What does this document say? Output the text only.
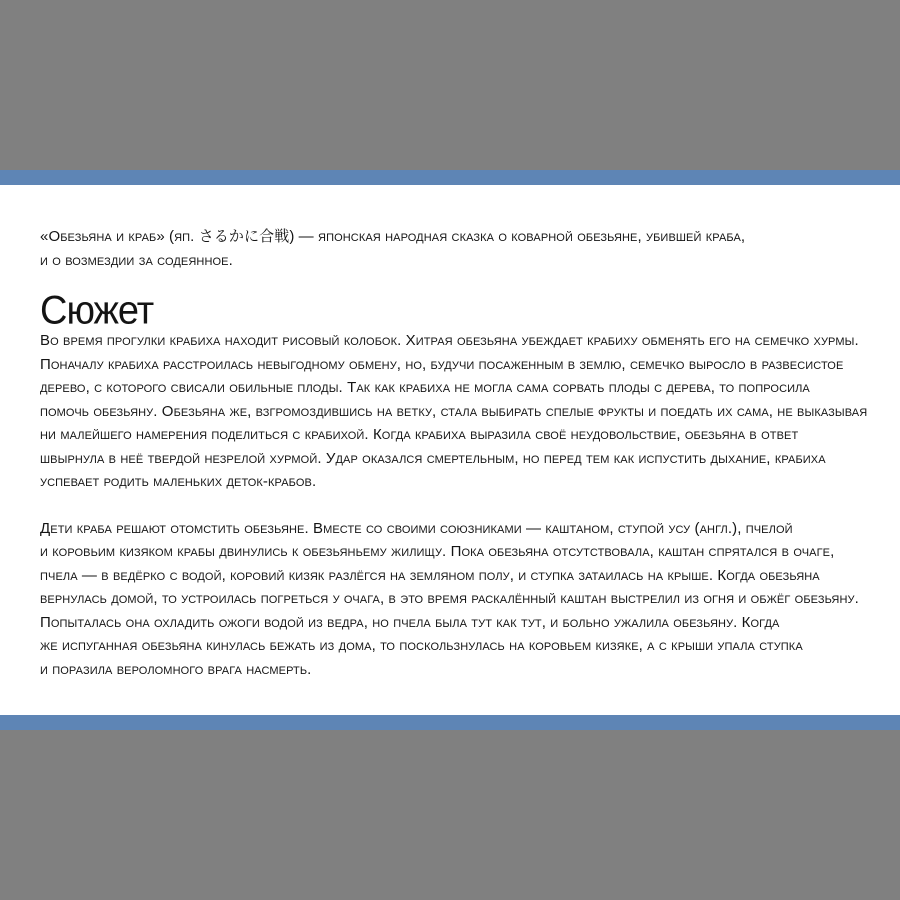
«Обезьяна и краб» (яп. さるかに合戦) — японская народная сказка о коварной обезьяне, убившей краба,
и о возмездии за содеянное.

Сюжет

Во время прогулки крабиха находит рисовый колобок. Хитрая обезьяна убеждает крабиху обменять его на семечко хурмы.
Поначалу крабиха расстроилась невыгодному обмену, но, будучи посаженным в землю, семечко выросло в развесистое
дерево, с которого свисали обильные плоды. Так как крабиха не могла сама сорвать плоды с дерева, то попросила
помочь обезьяну. Обезьяна же, взгромоздившись на ветку, стала выбирать спелые фрукты и поедать их сама, не выказывая
ни малейшего намерения поделиться с крабихой. Когда крабиха выразила своё неудовольствие, обезьяна в ответ
швырнула в неё твердой незрелой хурмой. Удар оказался смертельным, но перед тем как испустить дыхание, крабиха
успевает родить маленьких деток-крабов.

Дети краба решают отомстить обезьяне. Вместе со своими союзниками — каштаном, ступой усу (англ.), пчелой
и коровьим кизяком крабы двинулись к обезьяньему жилищу. Пока обезьяна отсутствовала, каштан спрятался в очаге,
пчела — в ведёрко с водой, коровий кизяк разлёгся на земляном полу, и ступка затаилась на крыше. Когда обезьяна
вернулась домой, то устроилась погреться у очага, в это время раскалённый каштан выстрелил из огня и обжёг обезьяну.
Попыталась она охладить ожоги водой из ведра, но пчела была тут как тут, и больно ужалила обезьяну. Когда
же испуганная обезьяна кинулась бежать из дома, то поскользнулась на коровьем кизяке, а с крыши упала ступка
и поразила вероломного врага насмерть.
